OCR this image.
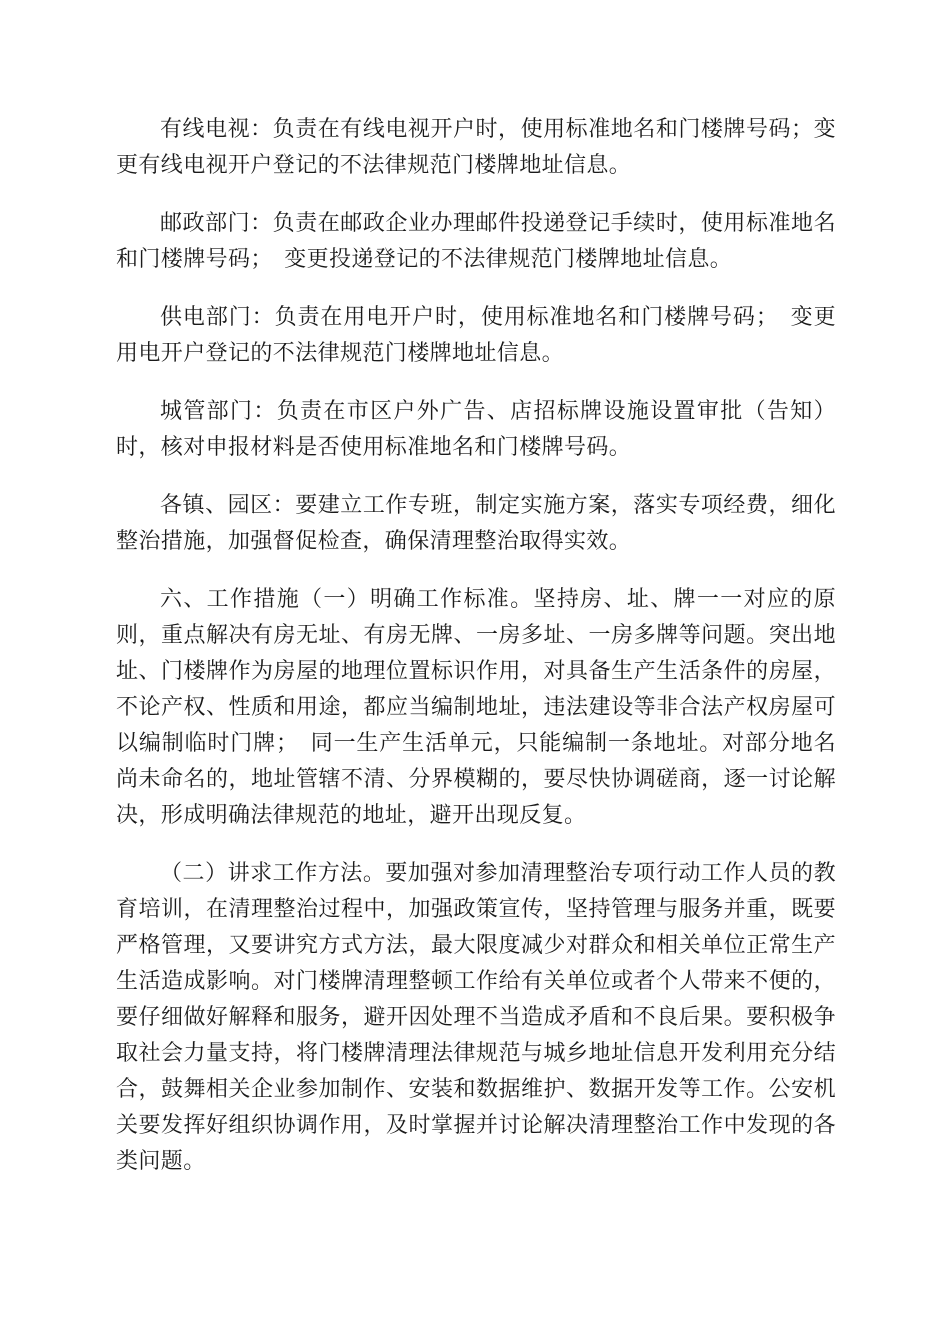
有线电视：负责在有线电视开户时，使用标准地名和门楼牌号码；变更有线电视开户登记的不法律规范门楼牌地址信息。

邮政部门：负责在邮政企业办理邮件投递登记手续时，使用标准地名和门楼牌号码；　变更投递登记的不法律规范门楼牌地址信息。

供电部门：负责在用电开户时，使用标准地名和门楼牌号码；　变更用电开户登记的不法律规范门楼牌地址信息。

城管部门：负责在市区户外广告、店招标牌设施设置审批（告知）时，核对申报材料是否使用标准地名和门楼牌号码。

各镇、园区：要建立工作专班，制定实施方案，落实专项经费，细化整治措施，加强督促检查，确保清理整治取得实效。

六、工作措施（一）明确工作标准。坚持房、址、牌一一对应的原则，重点解决有房无址、有房无牌、一房多址、一房多牌等问题。突出地址、门楼牌作为房屋的地理位置标识作用，对具备生产生活条件的房屋，不论产权、性质和用途，都应当编制地址，违法建设等非合法产权房屋可以编制临时门牌；　同一生产生活单元，只能编制一条地址。对部分地名尚未命名的，地址管辖不清、分界模糊的，要尽快协调磋商，逐一讨论解决，形成明确法律规范的地址，避开出现反复。

（二）讲求工作方法。要加强对参加清理整治专项行动工作人员的教育培训，在清理整治过程中，加强政策宣传，坚持管理与服务并重，既要严格管理，又要讲究方式方法，最大限度减少对群众和相关单位正常生产生活造成影响。对门楼牌清理整顿工作给有关单位或者个人带来不便的，要仔细做好解释和服务，避开因处理不当造成矛盾和不良后果。要积极争取社会力量支持，将门楼牌清理法律规范与城乡地址信息开发利用充分结合，鼓舞相关企业参加制作、安装和数据维护、数据开发等工作。公安机关要发挥好组织协调作用，及时掌握并讨论解决清理整治工作中发现的各类问题。
